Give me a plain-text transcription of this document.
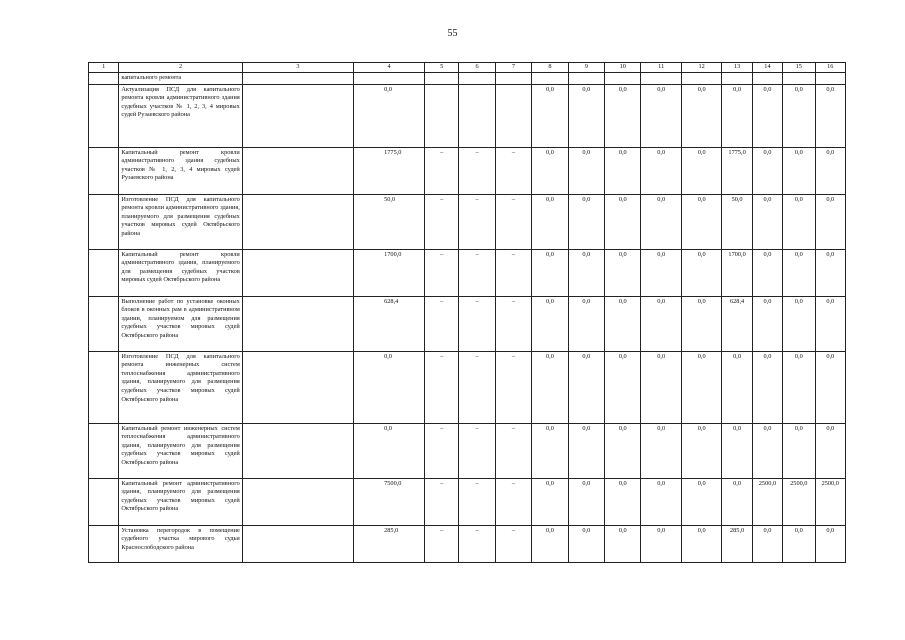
55
1	2	3	4	5	6	7	8	9	10	11	12	13	14	15	16
	капитального ремонта														
	Актуализация ПСД для капитального ремонта кровли административного здания судебных участков № 1, 2, 3, 4 мировых судей Рузаевского района		0,0				0,0	0,0	0,0	0,0	0,0	0,0	0,0	0,0	0,0
	Капитальный ремонт кровли административного здания судебных участков № 1, 2, 3, 4 мировых судей Рузаевского района		1775,0	–	–	–	0,0	0,0	0,0	0,0	0,0	1775,0	0,0	0,0	0,0
	Изготовление ПСД для капитального ремонта кровли административного здания, планируемого для размещения судебных участков мировых судей Октябрьского района		50,0	–	–	–	0,0	0,0	0,0	0,0	0,0	50,0	0,0	0,0	0,0
	Капитальный ремонт кровли административного здания, планируемого для размещения судебных участков мировых судей Октябрьского района		1700,0	–	–	–	0,0	0,0	0,0	0,0	0,0	1700,0	0,0	0,0	0,0
	Выполнение работ по установке оконных блоков в оконных рам в административном здании, планируемом для размещения судебных участков мировых судей Октябрьского района		628,4	–	–	–	0,0	0,0	0,0	0,0	0,0	628,4	0,0	0,0	0,0
	Изготовление ПСД для капитального ремонта инженерных систем теплоснабжения административного здания, планируемого для размещения судебных участков мировых судей Октябрьского района		0,0	–	–	–	0,0	0,0	0,0	0,0	0,0	0,0	0,0	0,0	0,0
	Капитальный ремонт инженерных систем теплоснабжения административного здания, планируемого для размещения судебных участков мировых судей Октябрьского района		0,0	–	–	–	0,0	0,0	0,0	0,0	0,0	0,0	0,0	0,0	0,0
	Капитальный ремонт административного здания, планируемого для размещения судебных участков мировых судей Октябрьского района		7500,0	–	–	–	0,0	0,0	0,0	0,0	0,0	0,0	2500,0	2500,0	2500,0
	Установка перегородок в помещение судебного участка мирового судьи Краснослободского района		285,0	–	–	–	0,0	0,0	0,0	0,0	0,0	285,0	0,0	0,0	0,0
